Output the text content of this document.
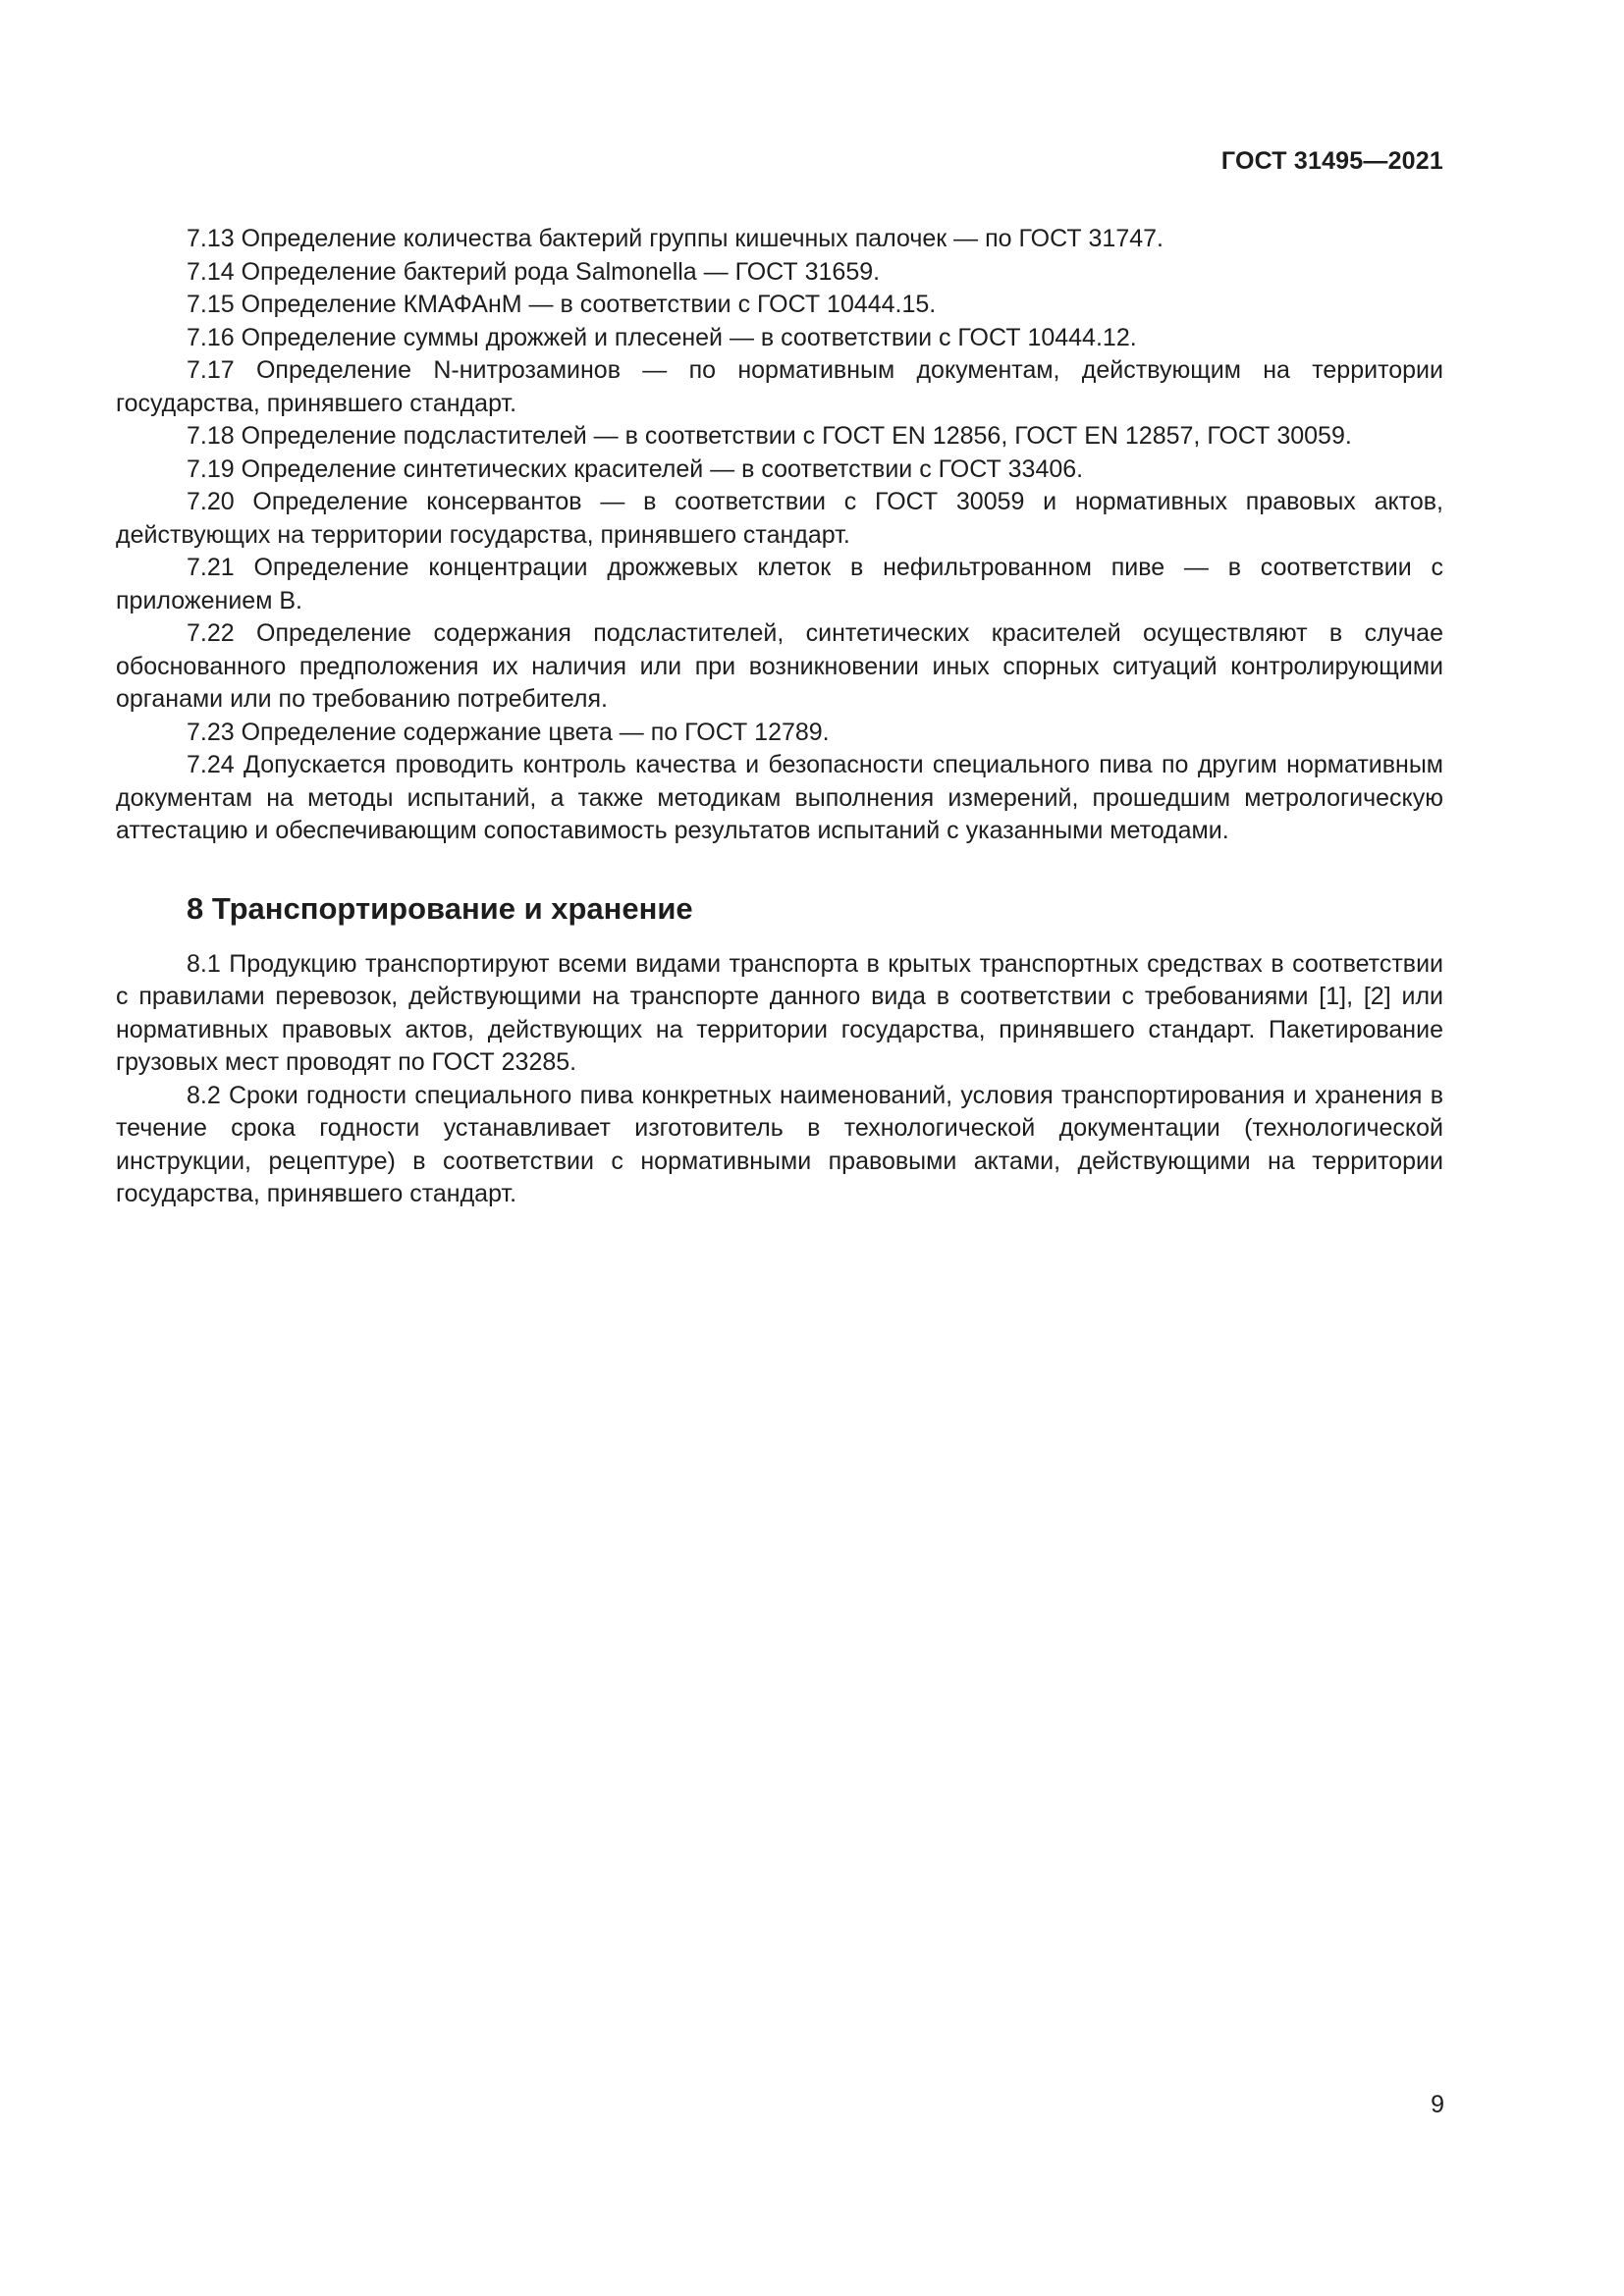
ГОСТ 31495—2021

7.13 Определение количества бактерий группы кишечных палочек — по ГОСТ 31747.

7.14 Определение бактерий рода Salmonella — ГОСТ 31659.

7.15 Определение КМАФАнМ — в соответствии с ГОСТ 10444.15.

7.16 Определение суммы дрожжей и плесеней — в соответствии с ГОСТ 10444.12.

7.17 Определение N-нитрозаминов — по нормативным документам, действующим на территории государства, принявшего стандарт.

7.18 Определение подсластителей — в соответствии с ГОСТ EN 12856, ГОСТ EN 12857, ГОСТ 30059.

7.19 Определение синтетических красителей — в соответствии с ГОСТ 33406.

7.20 Определение консервантов — в соответствии с ГОСТ 30059 и нормативных правовых актов, действующих на территории государства, принявшего стандарт.

7.21 Определение концентрации дрожжевых клеток в нефильтрованном пиве — в соответствии с приложением В.

7.22 Определение содержания подсластителей, синтетических красителей осуществляют в случае обоснованного предположения их наличия или при возникновении иных спорных ситуаций контролирующими органами или по требованию потребителя.

7.23 Определение содержание цвета — по ГОСТ 12789.

7.24 Допускается проводить контроль качества и безопасности специального пива по другим нормативным документам на методы испытаний, а также методикам выполнения измерений, прошедшим метрологическую аттестацию и обеспечивающим сопоставимость результатов испытаний с указанными методами.

8 Транспортирование и хранение

8.1 Продукцию транспортируют всеми видами транспорта в крытых транспортных средствах в соответствии с правилами перевозок, действующими на транспорте данного вида в соответствии с требованиями [1], [2] или нормативных правовых актов, действующих на территории государства, принявшего стандарт. Пакетирование грузовых мест проводят по ГОСТ 23285.

8.2 Сроки годности специального пива конкретных наименований, условия транспортирования и хранения в течение срока годности устанавливает изготовитель в технологической документации (технологической инструкции, рецептуре) в соответствии с нормативными правовыми актами, действующими на территории государства, принявшего стандарт.

9
